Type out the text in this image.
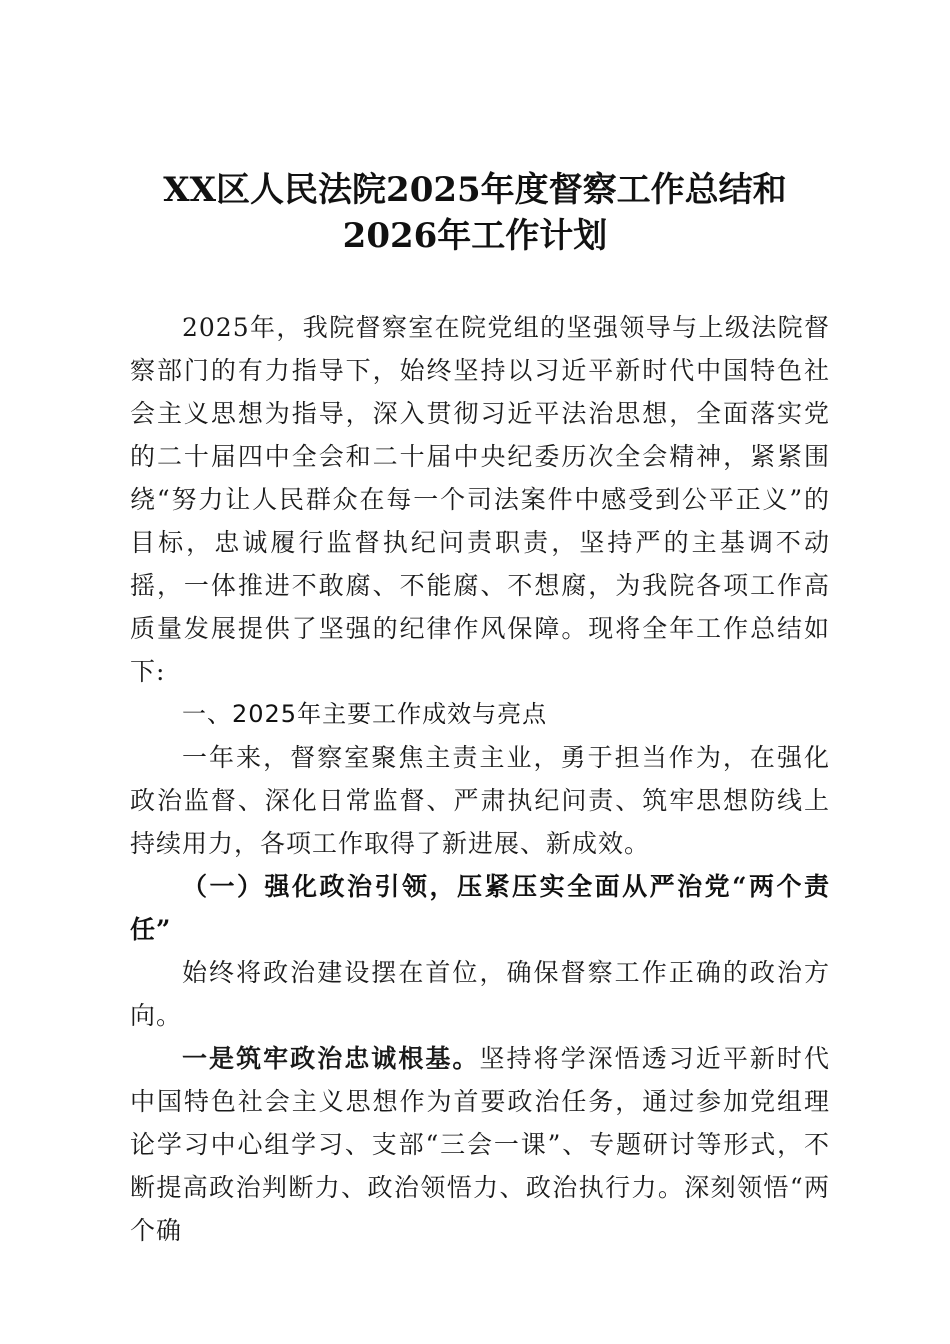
XX区人民法院2025年度督察工作总结和
2026年工作计划

2025年，我院督察室在院党组的坚强领导与上级法院督察部门的有力指导下，始终坚持以习近平新时代中国特色社会主义思想为指导，深入贯彻习近平法治思想，全面落实党的二十届四中全会和二十届中央纪委历次全会精神，紧紧围绕“努力让人民群众在每一个司法案件中感受到公平正义”的目标，忠诚履行监督执纪问责职责，坚持严的主基调不动摇，一体推进不敢腐、不能腐、不想腐，为我院各项工作高质量发展提供了坚强的纪律作风保障。现将全年工作总结如下:

一、2025年主要工作成效与亮点

一年来，督察室聚焦主责主业，勇于担当作为，在强化政治监督、深化日常监督、严肃执纪问责、筑牢思想防线上持续用力，各项工作取得了新进展、新成效。

（一）强化政治引领，压紧压实全面从严治党“两个责任”

始终将政治建设摆在首位，确保督察工作正确的政治方向。

一是筑牢政治忠诚根基。坚持将学深悟透习近平新时代中国特色社会主义思想作为首要政治任务，通过参加党组理论学习中心组学习、支部“三会一课”、专题研讨等形式，不断提高政治判断力、政治领悟力、政治执行力。深刻领悟“两个确
